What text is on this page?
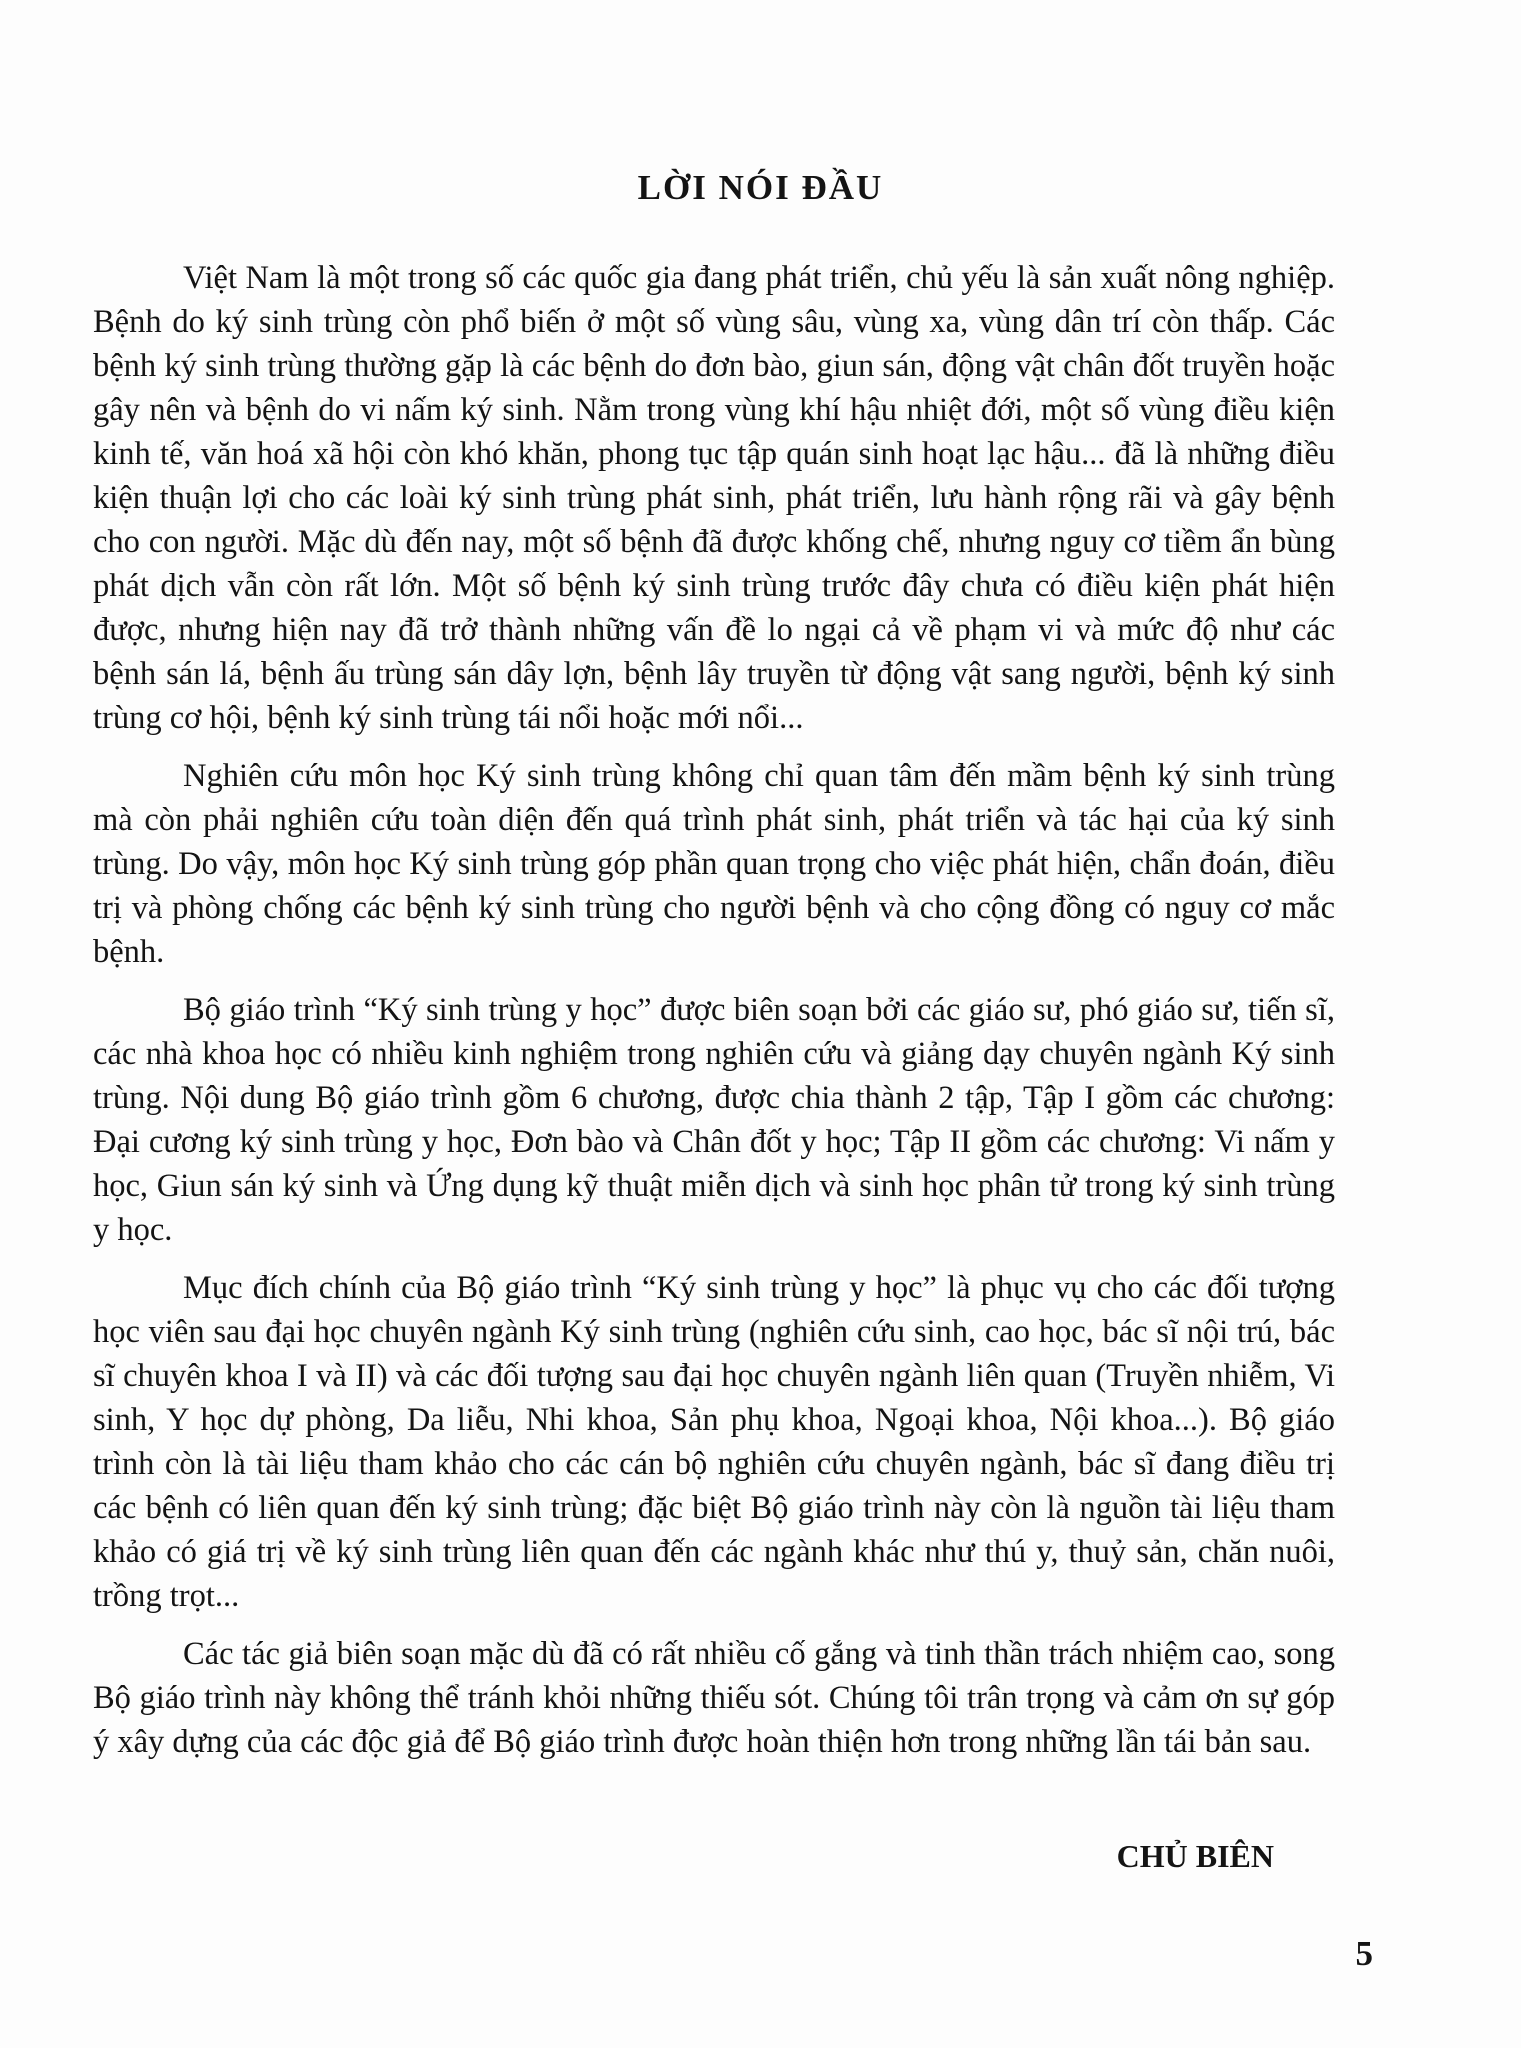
LỜI NÓI ĐẦU

Việt Nam là một trong số các quốc gia đang phát triển, chủ yếu là sản xuất nông nghiệp. Bệnh do ký sinh trùng còn phổ biến ở một số vùng sâu, vùng xa, vùng dân trí còn thấp. Các bệnh ký sinh trùng thường gặp là các bệnh do đơn bào, giun sán, động vật chân đốt truyền hoặc gây nên và bệnh do vi nấm ký sinh. Nằm trong vùng khí hậu nhiệt đới, một số vùng điều kiện kinh tế, văn hoá xã hội còn khó khăn, phong tục tập quán sinh hoạt lạc hậu... đã là những điều kiện thuận lợi cho các loài ký sinh trùng phát sinh, phát triển, lưu hành rộng rãi và gây bệnh cho con người. Mặc dù đến nay, một số bệnh đã được khống chế, nhưng nguy cơ tiềm ẩn bùng phát dịch vẫn còn rất lớn. Một số bệnh ký sinh trùng trước đây chưa có điều kiện phát hiện được, nhưng hiện nay đã trở thành những vấn đề lo ngại cả về phạm vi và mức độ như các bệnh sán lá, bệnh ấu trùng sán dây lợn, bệnh lây truyền từ động vật sang người, bệnh ký sinh trùng cơ hội, bệnh ký sinh trùng tái nổi hoặc mới nổi...

Nghiên cứu môn học Ký sinh trùng không chỉ quan tâm đến mầm bệnh ký sinh trùng mà còn phải nghiên cứu toàn diện đến quá trình phát sinh, phát triển và tác hại của ký sinh trùng. Do vậy, môn học Ký sinh trùng góp phần quan trọng cho việc phát hiện, chẩn đoán, điều trị và phòng chống các bệnh ký sinh trùng cho người bệnh và cho cộng đồng có nguy cơ mắc bệnh.

Bộ giáo trình “Ký sinh trùng y học” được biên soạn bởi các giáo sư, phó giáo sư, tiến sĩ, các nhà khoa học có nhiều kinh nghiệm trong nghiên cứu và giảng dạy chuyên ngành Ký sinh trùng. Nội dung Bộ giáo trình gồm 6 chương, được chia thành 2 tập, Tập I gồm các chương: Đại cương ký sinh trùng y học, Đơn bào và Chân đốt y học; Tập II gồm các chương: Vi nấm y học, Giun sán ký sinh và Ứng dụng kỹ thuật miễn dịch và sinh học phân tử trong ký sinh trùng y học.

Mục đích chính của Bộ giáo trình “Ký sinh trùng y học” là phục vụ cho các đối tượng học viên sau đại học chuyên ngành Ký sinh trùng (nghiên cứu sinh, cao học, bác sĩ nội trú, bác sĩ chuyên khoa I và II) và các đối tượng sau đại học chuyên ngành liên quan (Truyền nhiễm, Vi sinh, Y học dự phòng, Da liễu, Nhi khoa, Sản phụ khoa, Ngoại khoa, Nội khoa...). Bộ giáo trình còn là tài liệu tham khảo cho các cán bộ nghiên cứu chuyên ngành, bác sĩ đang điều trị các bệnh có liên quan đến ký sinh trùng; đặc biệt Bộ giáo trình này còn là nguồn tài liệu tham khảo có giá trị về ký sinh trùng liên quan đến các ngành khác như thú y, thuỷ sản, chăn nuôi, trồng trọt...

Các tác giả biên soạn mặc dù đã có rất nhiều cố gắng và tinh thần trách nhiệm cao, song Bộ giáo trình này không thể tránh khỏi những thiếu sót. Chúng tôi trân trọng và cảm ơn sự góp ý xây dựng của các độc giả để Bộ giáo trình được hoàn thiện hơn trong những lần tái bản sau.

CHỦ BIÊN

5
